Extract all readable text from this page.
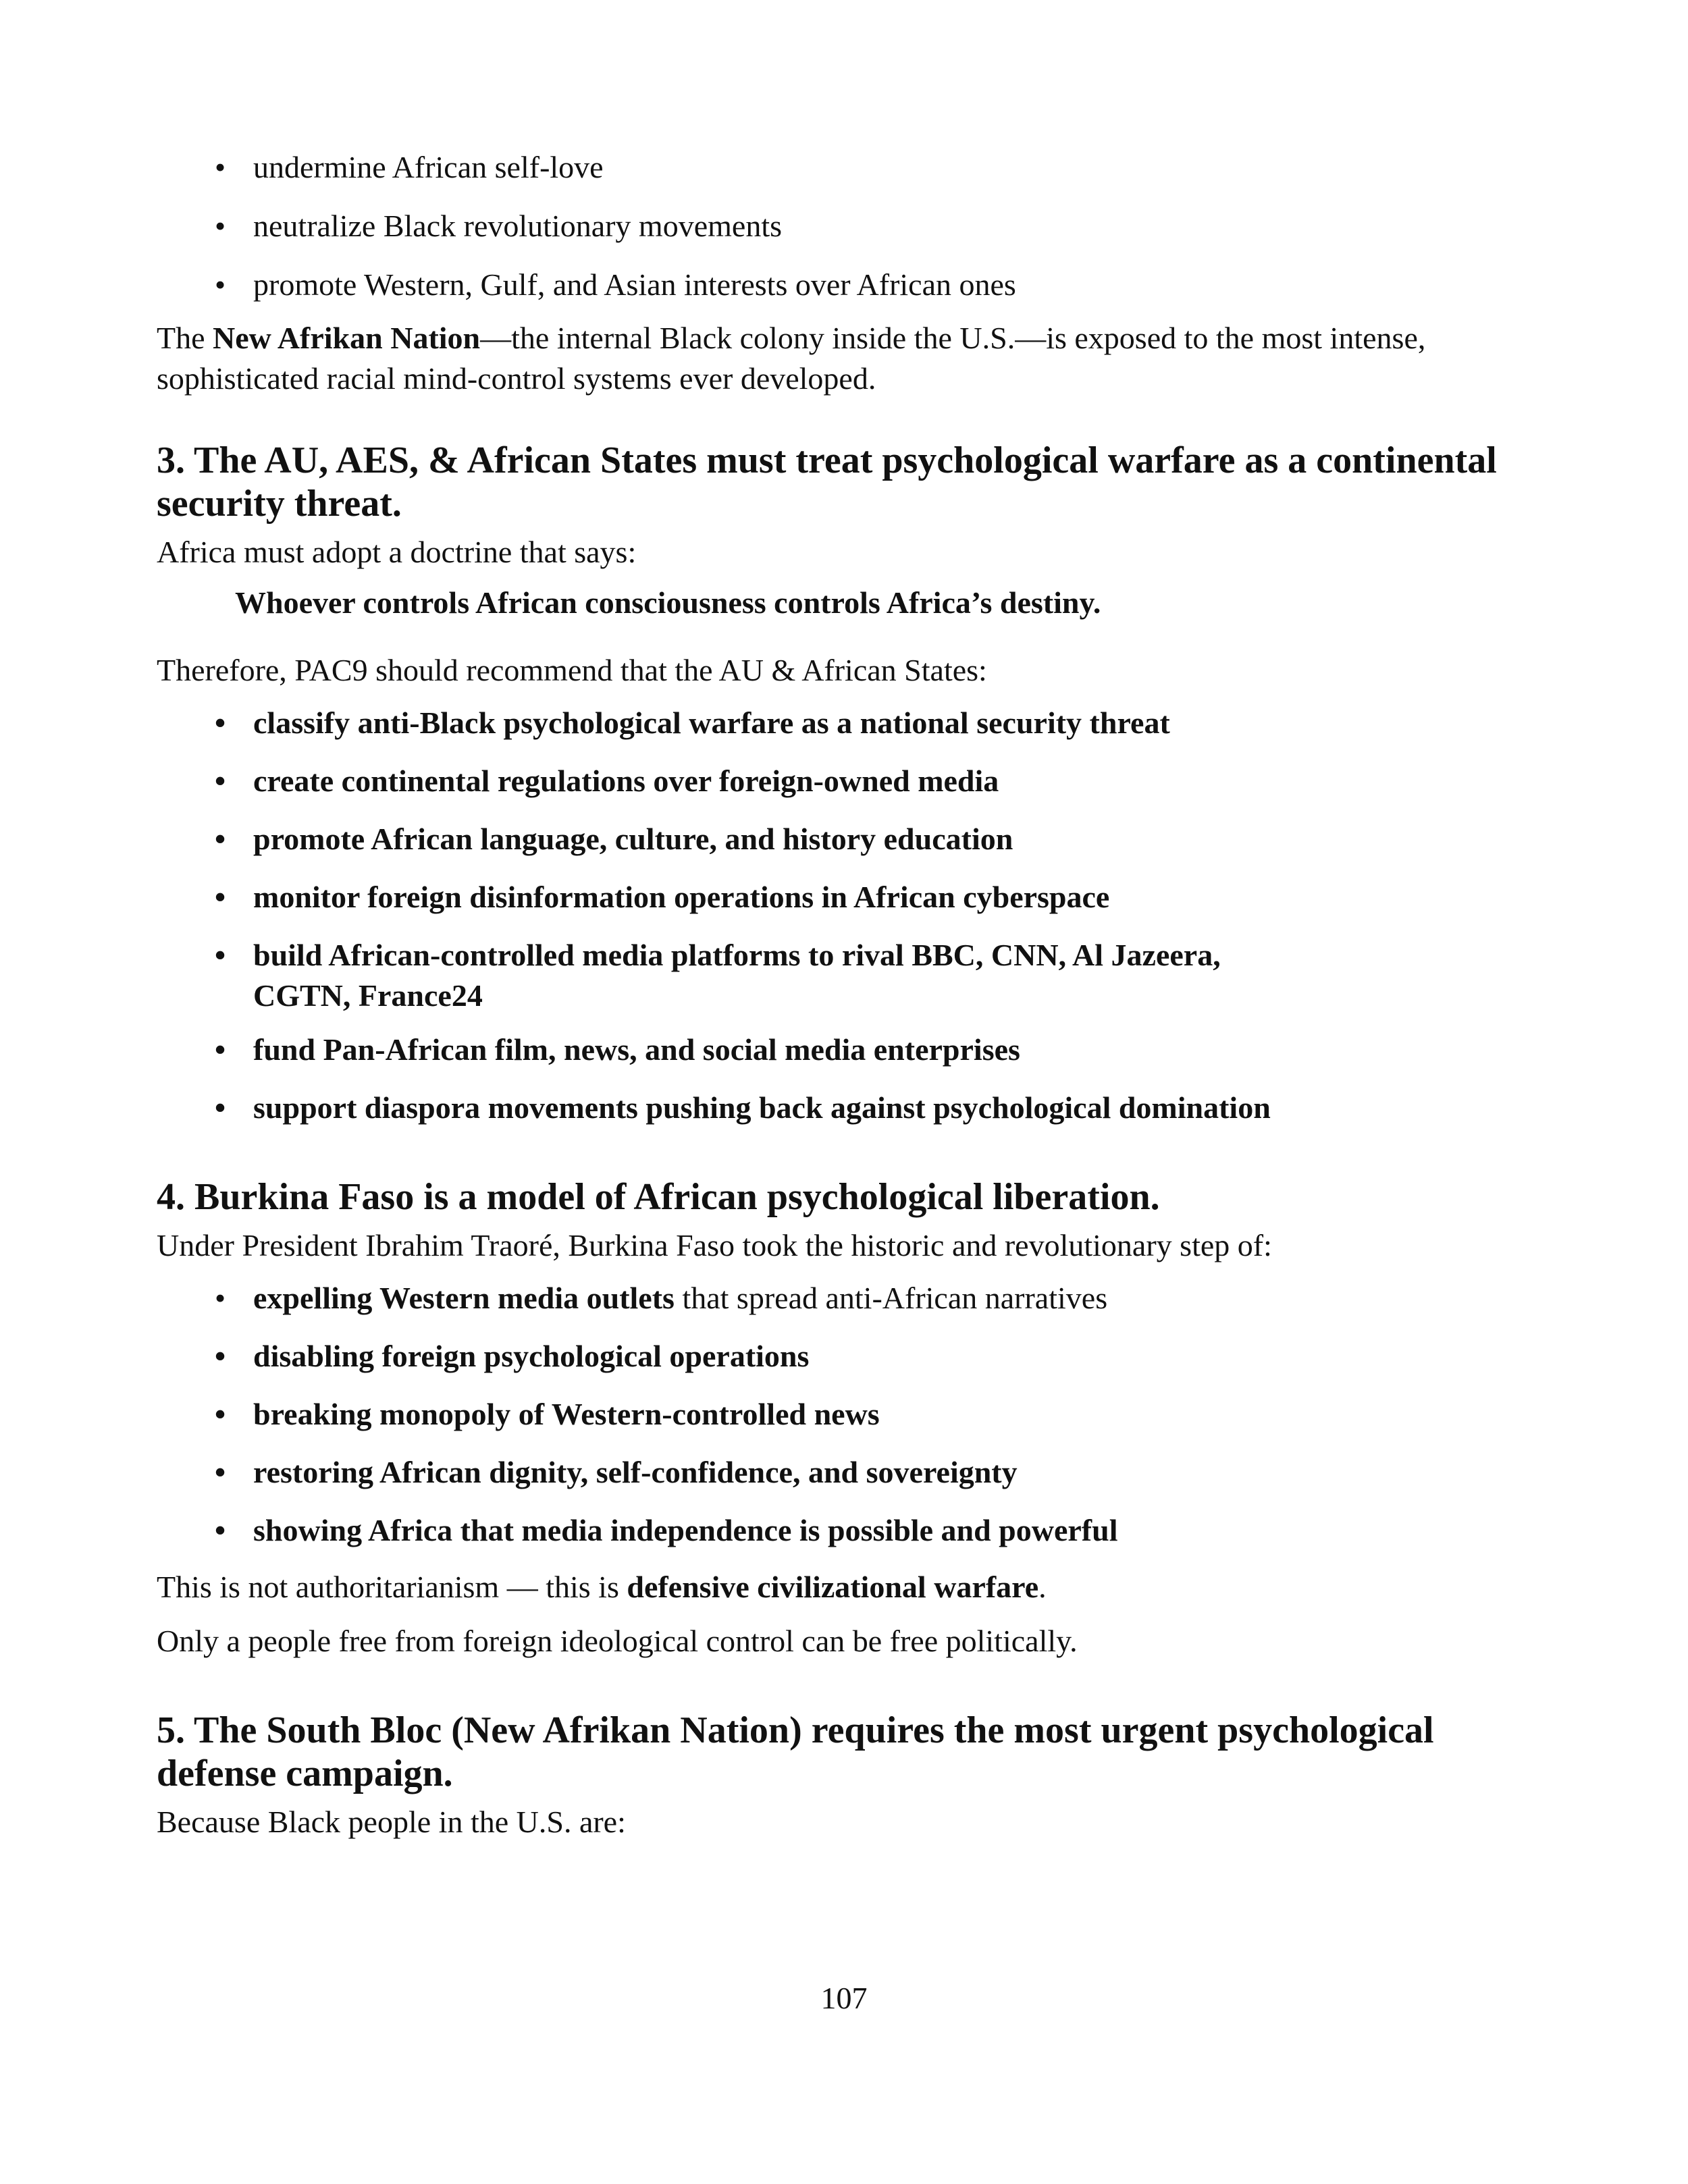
• undermine African self-love
• neutralize Black revolutionary movements
• promote Western, Gulf, and Asian interests over African ones

The New Afrikan Nation—the internal Black colony inside the U.S.—is exposed to the most intense, sophisticated racial mind-control systems ever developed.

3. The AU, AES, & African States must treat psychological warfare as a continental security threat.

Africa must adopt a doctrine that says:

Whoever controls African consciousness controls Africa’s destiny.

Therefore, PAC9 should recommend that the AU & African States:

• classify anti-Black psychological warfare as a national security threat
• create continental regulations over foreign-owned media
• promote African language, culture, and history education
• monitor foreign disinformation operations in African cyberspace
• build African-controlled media platforms to rival BBC, CNN, Al Jazeera, CGTN, France24
• fund Pan-African film, news, and social media enterprises
• support diaspora movements pushing back against psychological domination
4. Burkina Faso is a model of African psychological liberation.

Under President Ibrahim Traoré, Burkina Faso took the historic and revolutionary step of:

• expelling Western media outlets that spread anti-African narratives
• disabling foreign psychological operations
• breaking monopoly of Western-controlled news
• restoring African dignity, self-confidence, and sovereignty
• showing Africa that media independence is possible and powerful

This is not authoritarianism — this is defensive civilizational warfare.

Only a people free from foreign ideological control can be free politically.

5. The South Bloc (New Afrikan Nation) requires the most urgent psychological defense campaign.

Because Black people in the U.S. are:

107
